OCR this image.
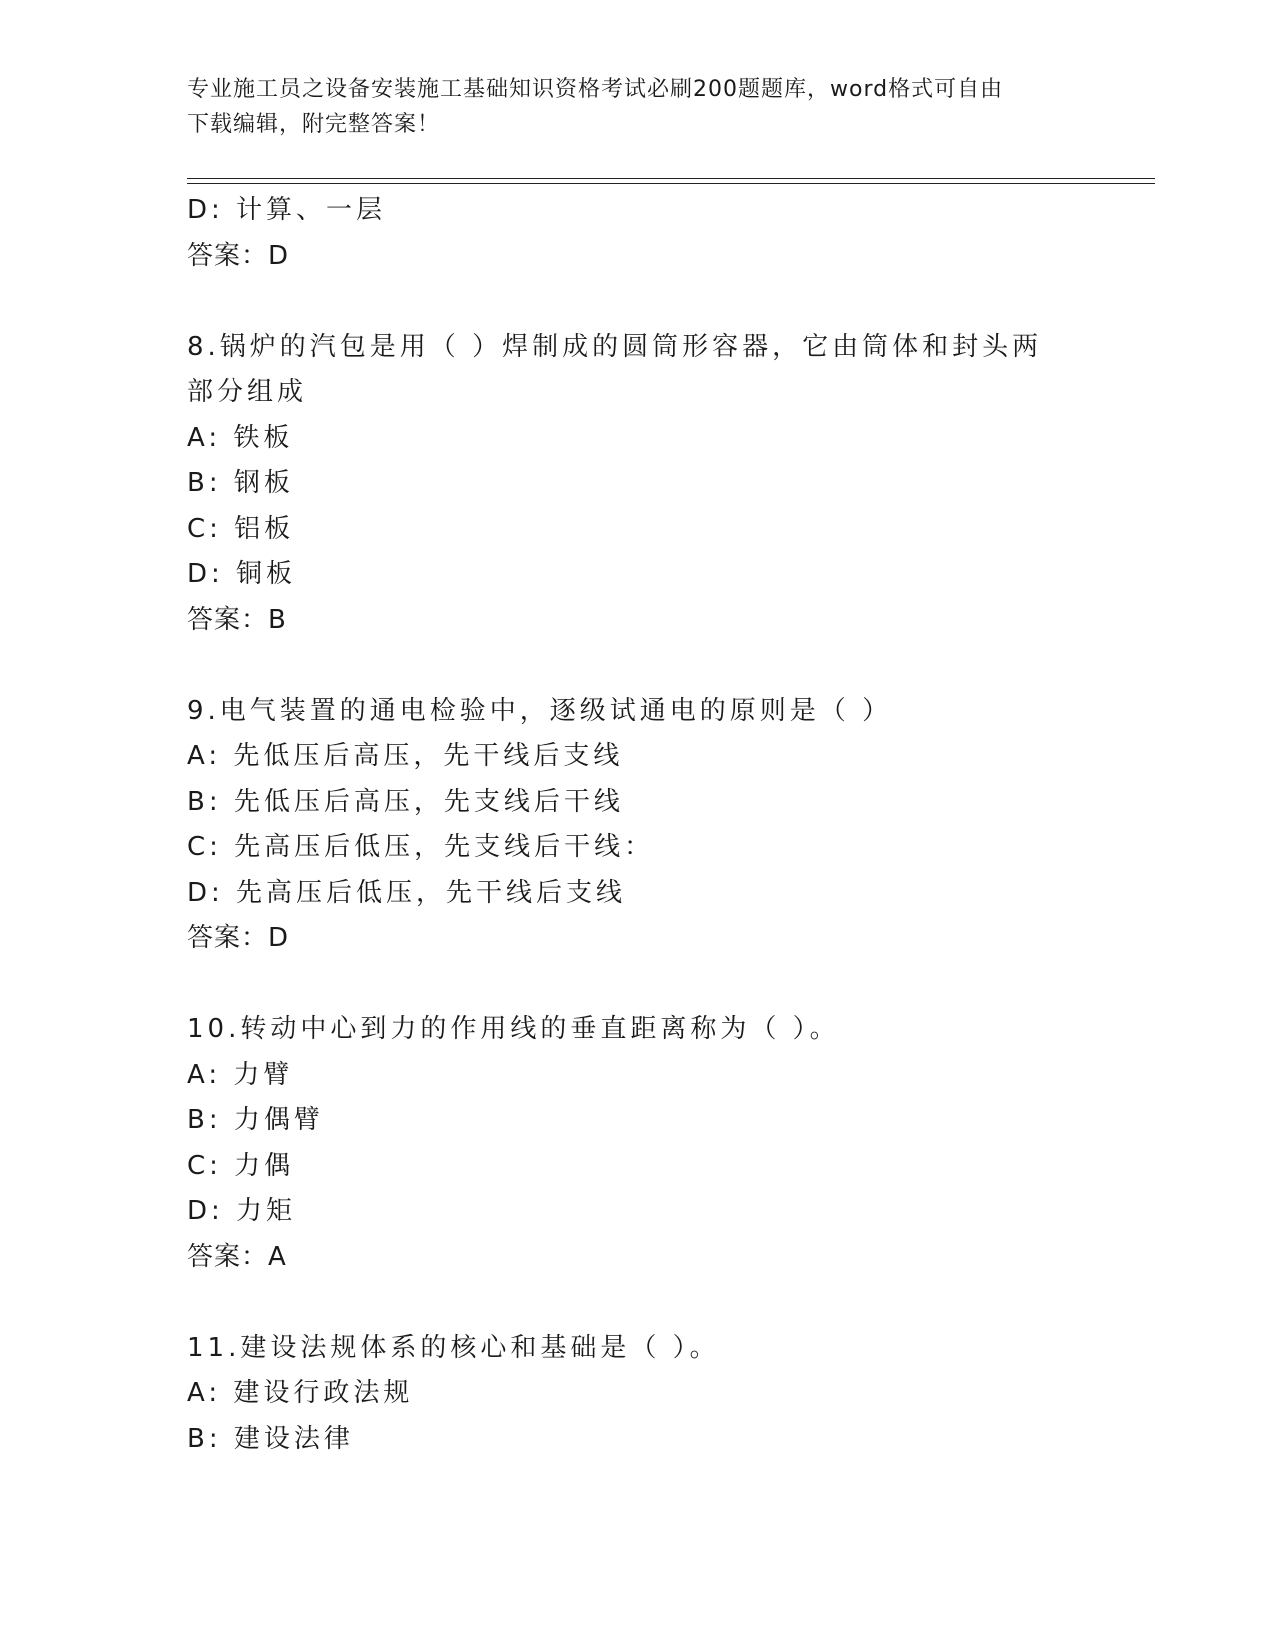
专业施工员之设备安装施工基础知识资格考试必刷200题题库，word格式可自由
下载编辑，附完整答案！
D: 计算、一层
答案：D
8.锅炉的汽包是用（ ）焊制成的圆筒形容器，它由筒体和封头两部分组成
A: 铁板
B: 钢板
C: 铝板
D: 铜板
答案：B
9.电气装置的通电检验中，逐级试通电的原则是（ ）
A: 先低压后高压，先干线后支线
B: 先低压后高压，先支线后干线
C: 先高压后低压，先支线后干线：
D: 先高压后低压，先干线后支线
答案：D
10.转动中心到力的作用线的垂直距离称为（ ）。
A: 力臂
B: 力偶臂
C: 力偶
D: 力矩
答案：A
11.建设法规体系的核心和基础是（ ）。
A: 建设行政法规
B: 建设法律
